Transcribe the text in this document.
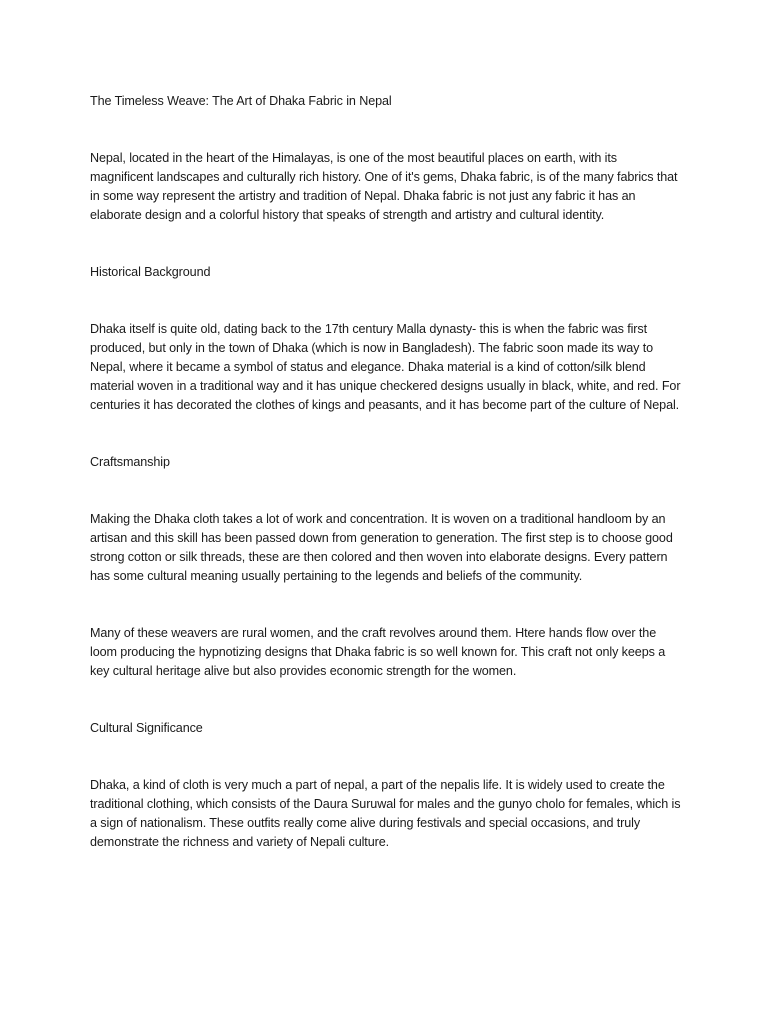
The Timeless Weave: The Art of Dhaka Fabric in Nepal

Nepal, located in the heart of the Himalayas, is one of the most beautiful places on earth, with its magnificent landscapes and culturally rich history. One of it's gems, Dhaka fabric, is of the many fabrics that in some way represent the artistry and tradition of Nepal. Dhaka fabric is not just any fabric it has an elaborate design and a colorful history that speaks of strength and artistry and cultural identity.

Historical Background

Dhaka itself is quite old, dating back to the 17th century Malla dynasty- this is when the fabric was first produced, but only in the town of Dhaka (which is now in Bangladesh). The fabric soon made its way to Nepal, where it became a symbol of status and elegance. Dhaka material is a kind of cotton/silk blend material woven in a traditional way and it has unique checkered designs usually in black, white, and red. For centuries it has decorated the clothes of kings and peasants, and it has become part of the culture of Nepal.

Craftsmanship

Making the Dhaka cloth takes a lot of work and concentration. It is woven on a traditional handloom by an artisan and this skill has been passed down from generation to generation. The first step is to choose good strong cotton or silk threads, these are then colored and then woven into elaborate designs. Every pattern has some cultural meaning usually pertaining to the legends and beliefs of the community.

Many of these weavers are rural women, and the craft revolves around them. Htere hands flow over the loom producing the hypnotizing designs that Dhaka fabric is so well known for. This craft not only keeps a key cultural heritage alive but also provides economic strength for the women.

Cultural Significance

Dhaka, a kind of cloth is very much a part of nepal, a part of the nepalis life. It is widely used to create the traditional clothing, which consists of the Daura Suruwal for males and the gunyo cholo for females, which is a sign of nationalism. These outfits really come alive during festivals and special occasions, and truly demonstrate the richness and variety of Nepali culture.
